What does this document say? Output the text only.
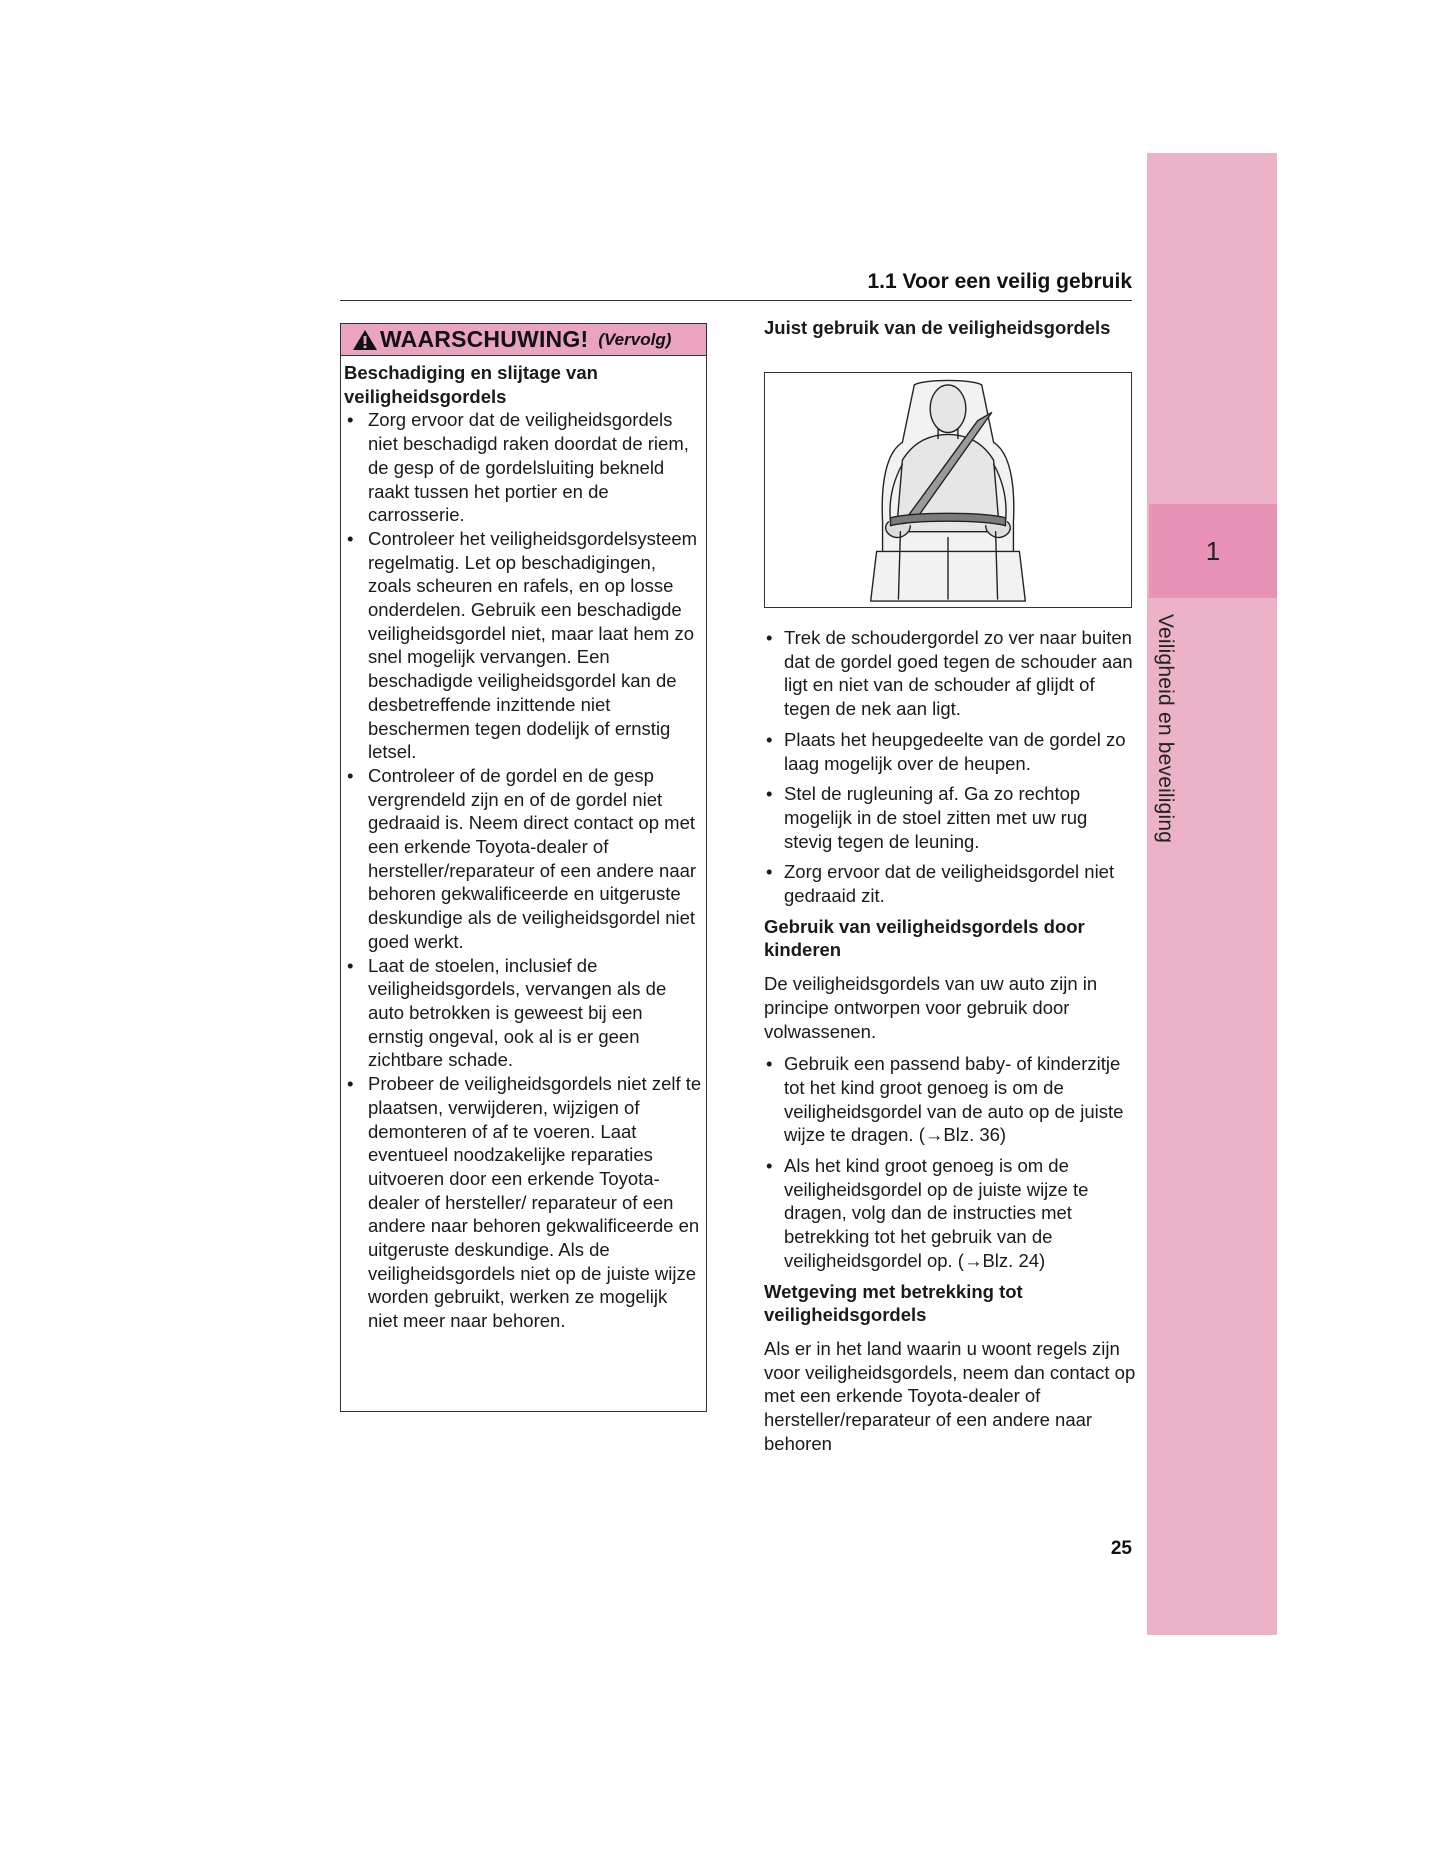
1
Veiligheid en beveiliging
1.1 Voor een veilig gebruik
WAARSCHUWING! (Vervolg)
Beschadiging en slijtage van veiligheidsgordels
• Zorg ervoor dat de veiligheidsgordels niet beschadigd raken doordat de riem, de gesp of de gordelsluiting bekneld raakt tussen het portier en de carrosserie.
• Controleer het veiligheidsgordelsysteem regelmatig. Let op beschadigingen, zoals scheuren en rafels, en op losse onderdelen. Gebruik een beschadigde veiligheidsgordel niet, maar laat hem zo snel mogelijk vervangen. Een beschadigde veiligheidsgordel kan de desbetreffende inzittende niet beschermen tegen dodelijk of ernstig letsel.
• Controleer of de gordel en de gesp vergrendeld zijn en of de gordel niet gedraaid is. Neem direct contact op met een erkende Toyota-dealer of hersteller/reparateur of een andere naar behoren gekwalificeerde en uitgeruste deskundige als de veiligheidsgordel niet goed werkt.
• Laat de stoelen, inclusief de veiligheidsgordels, vervangen als de auto betrokken is geweest bij een ernstig ongeval, ook al is er geen zichtbare schade.
• Probeer de veiligheidsgordels niet zelf te plaatsen, verwijderen, wijzigen of demonteren of af te voeren. Laat eventueel noodzakelijke reparaties uitvoeren door een erkende Toyota-dealer of hersteller/ reparateur of een andere naar behoren gekwalificeerde en uitgeruste deskundige. Als de veiligheidsgordels niet op de juiste wijze worden gebruikt, werken ze mogelijk niet meer naar behoren.
Juist gebruik van de veiligheidsgordels
• Trek de schoudergordel zo ver naar buiten dat de gordel goed tegen de schouder aan ligt en niet van de schouder af glijdt of tegen de nek aan ligt.
• Plaats het heupgedeelte van de gordel zo laag mogelijk over de heupen.
• Stel de rugleuning af. Ga zo rechtop mogelijk in de stoel zitten met uw rug stevig tegen de leuning.
• Zorg ervoor dat de veiligheidsgordel niet gedraaid zit.
Gebruik van veiligheidsgordels door kinderen

De veiligheidsgordels van uw auto zijn in principe ontworpen voor gebruik door volwassenen.

• Gebruik een passend baby- of kinderzitje tot het kind groot genoeg is om de veiligheidsgordel van de auto op de juiste wijze te dragen. (→Blz. 36)
• Als het kind groot genoeg is om de veiligheidsgordel op de juiste wijze te dragen, volg dan de instructies met betrekking tot het gebruik van de veiligheidsgordel op. (→Blz. 24)
Wetgeving met betrekking tot veiligheidsgordels

Als er in het land waarin u woont regels zijn voor veiligheidsgordels, neem dan contact op met een erkende Toyota-dealer of hersteller/reparateur of een andere naar behoren

25
